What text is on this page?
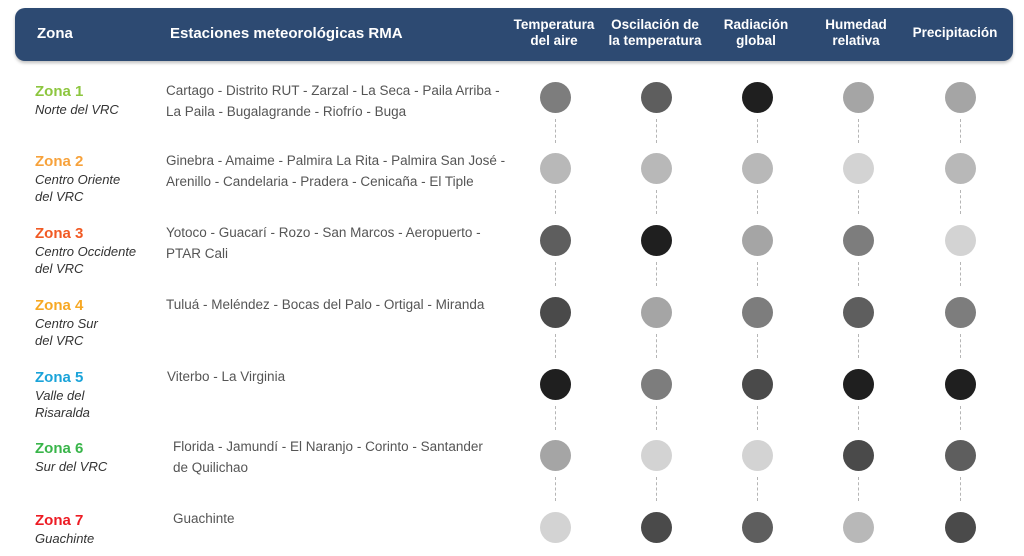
Zona	Estaciones meteorológicas RMA
Temperatura
del aire
Oscilación de
la temperatura
Radiación
global
Humedad
relativa
Precipitación
Zona 1
Norte del VRC
Cartago - Distrito RUT - Zarzal - La Seca - Paila Arriba -
La Paila - Bugalagrande - Riofrío - Buga
Zona 2
Centro Oriente
del VRC
Ginebra - Amaime - Palmira La Rita - Palmira San José -
Arenillo - Candelaria - Pradera - Cenicaña - El Tiple
Zona 3
Centro Occidente
del VRC
Yotoco - Guacarí - Rozo - San Marcos - Aeropuerto -
PTAR Cali
Zona 4
Centro Sur
del VRC
Tuluá - Meléndez - Bocas del Palo - Ortigal - Miranda
Zona 5
Valle del
Risaralda
Viterbo - La Virginia
Zona 6
Sur del VRC
Florida - Jamundí - El Naranjo - Corinto - Santander
de Quilichao
Zona 7
Guachinte
Guachinte
